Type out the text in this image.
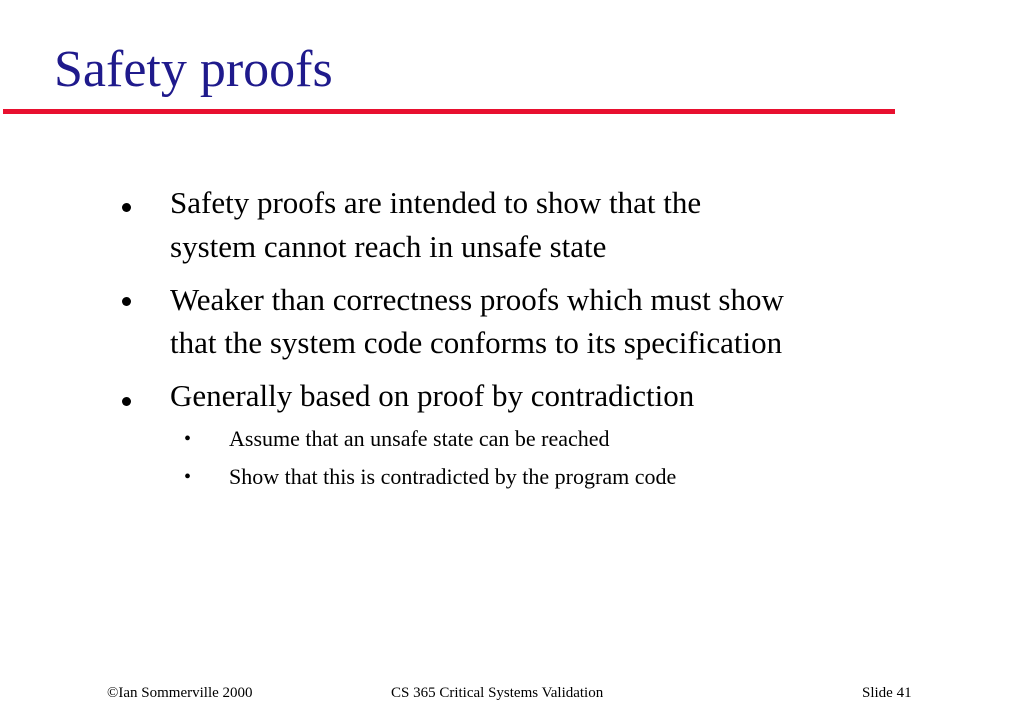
Safety proofs
Safety proofs are intended to show that the
system cannot reach in unsafe state
Weaker than correctness proofs which must show
that the system code conforms to its specification
Generally based on proof by contradiction
• Assume that an unsafe state can be reached
• Show that this is contradicted by the program code
©Ian Sommerville 2000	CS 365 Critical Systems Validation	Slide 41
